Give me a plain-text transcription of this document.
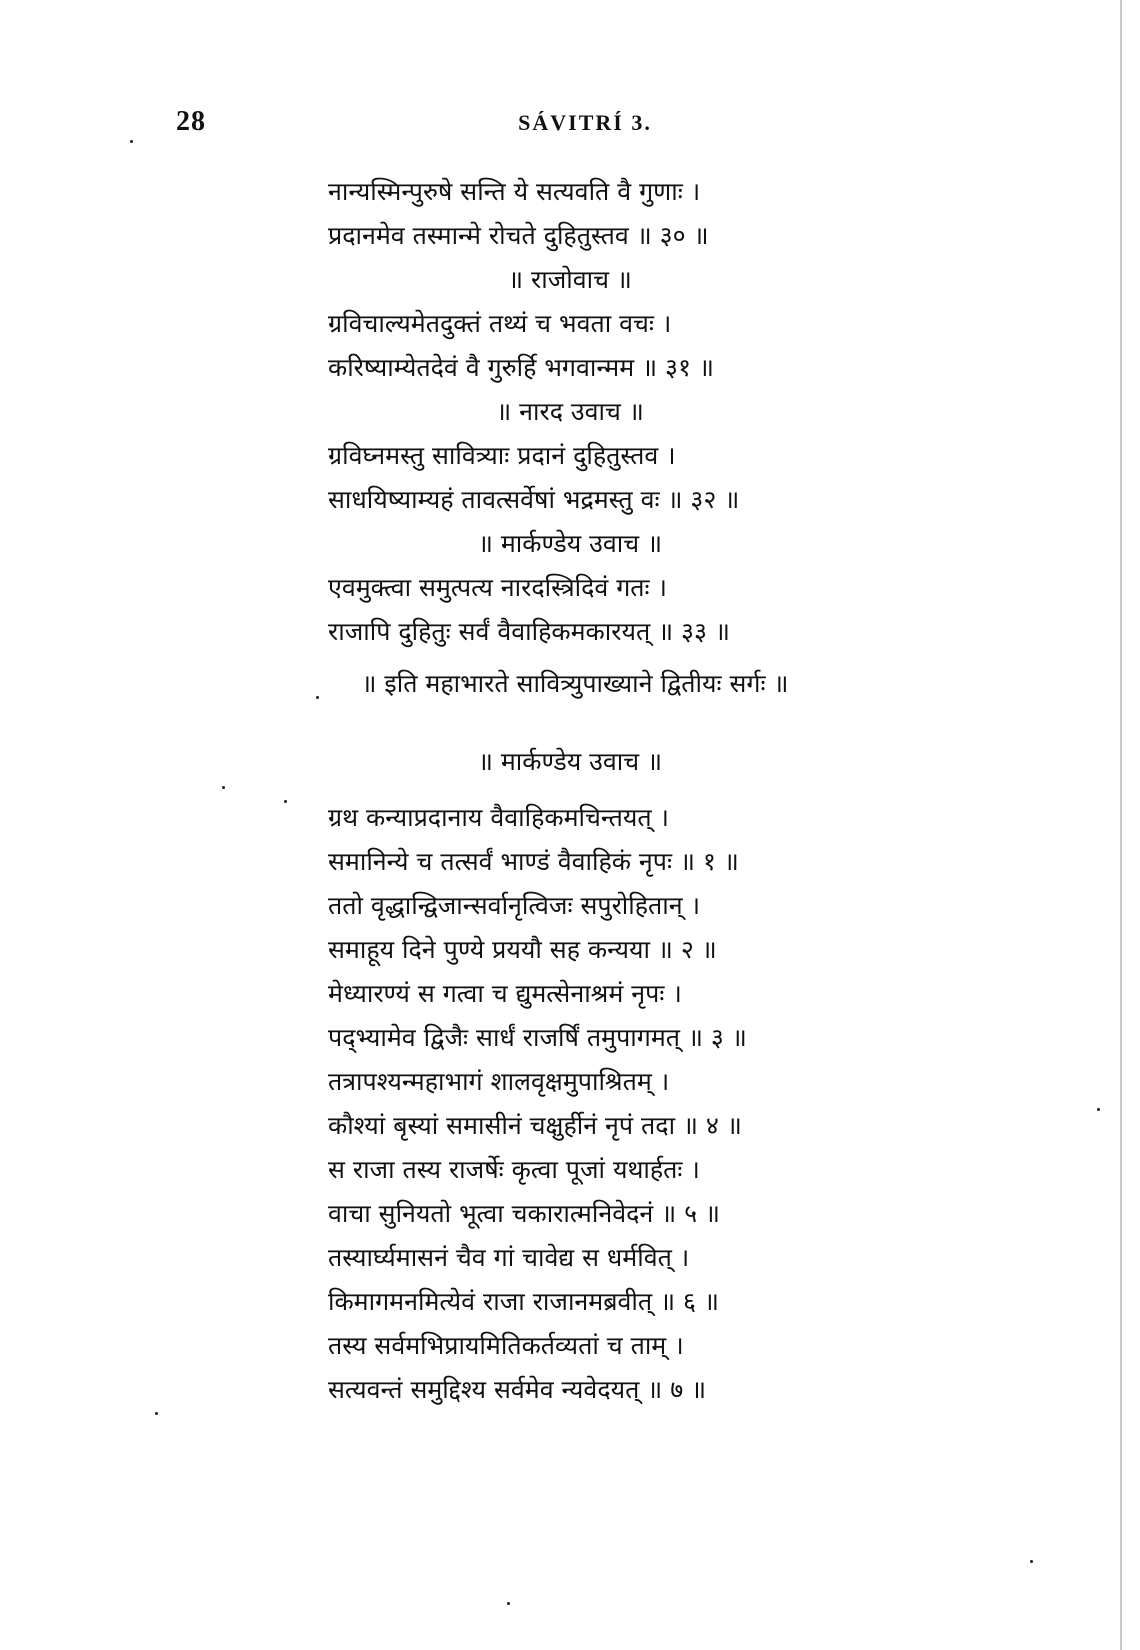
28	SÁVITRÍ 3.
नान्यस्मिन्पुरुषे सन्ति ये सत्यवति वै गुणाः ।
प्रदानमेव तस्मान्मे रोचते दुहितुस्तव ॥ ३० ॥
॥ राजोवाच ॥
ग्रविचाल्यमेतदुक्तं तथ्यं च भवता वचः ।
करिष्याम्येतदेवं वै गुरुर्हि भगवान्मम ॥ ३१ ॥
॥ नारद उवाच ॥
ग्रविघ्नमस्तु सावित्र्याः प्रदानं दुहितुस्तव ।
साधयिष्याम्यहं तावत्सर्वेषां भद्रमस्तु वः ॥ ३२ ॥
॥ मार्कण्डेय उवाच ॥
एवमुक्त्वा समुत्पत्य नारदस्त्रिदिवं गतः ।
राजापि दुहितुः सर्वं वैवाहिकमकारयत् ॥ ३३ ॥
॥ इति महाभारते सावित्र्युपाख्याने द्वितीयः सर्गः ॥
॥ मार्कण्डेय उवाच ॥
ग्रथ कन्याप्रदानाय वैवाहिकमचिन्तयत् ।
समानिन्ये च तत्सर्वं भाण्डं वैवाहिकं नृपः ॥ १ ॥
ततो वृद्धान्द्विजान्सर्वानृत्विजः सपुरोहितान् ।
समाहूय दिने पुण्ये प्रययौ सह कन्यया ॥ २ ॥
मेध्यारण्यं स गत्वा च द्युमत्सेनाश्रमं नृपः ।
पद्भ्यामेव द्विजैः सार्धं राजर्षिं तमुपागमत् ॥ ३ ॥
तत्रापश्यन्महाभागं शालवृक्षमुपाश्रितम् ।
कौश्यां बृस्यां समासीनं चक्षुर्हीनं नृपं तदा ॥ ४ ॥
स राजा तस्य राजर्षेः कृत्वा पूजां यथार्हतः ।
वाचा सुनियतो भूत्वा चकारात्मनिवेदनं ॥ ५ ॥
तस्यार्घ्यमासनं चैव गां चावेद्य स धर्मवित् ।
किमागमनमित्येवं राजा राजानमब्रवीत् ॥ ६ ॥
तस्य सर्वमभिप्रायमितिकर्तव्यतां च ताम् ।
सत्यवन्तं समुद्दिश्य सर्वमेव न्यवेदयत् ॥ ७ ॥
